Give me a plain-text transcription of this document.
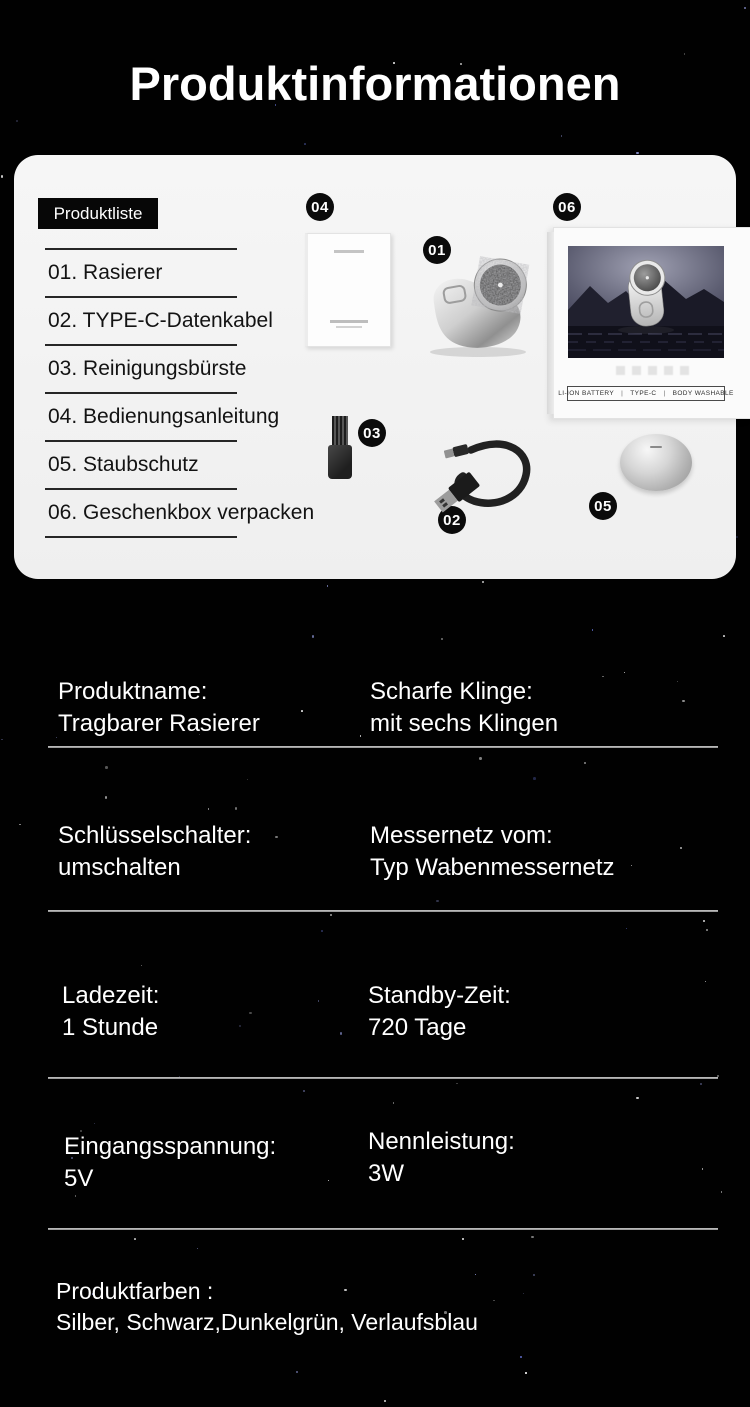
Produktinformationen
Produktliste
01. Rasierer
02. TYPE-C-Datenkabel
03. Reinigungsbürste
04. Bedienungsanleitung
05. Staubschutz
06. Geschenkbox verpacken
01
02
03
04
05
06
LI-ION BATTERY | TYPE-C | BODY WASHABLE
Produktname:
Tragbarer Rasierer
Scharfe Klinge:
mit sechs Klingen
Schlüsselschalter:
umschalten
Messernetz vom:
Typ Wabenmessernetz
Ladezeit:
1 Stunde
Standby-Zeit:
720 Tage
Eingangsspannung:
5V
Nennleistung:
3W
Produktfarben :
Silber, Schwarz,Dunkelgrün, Verlaufsblau
